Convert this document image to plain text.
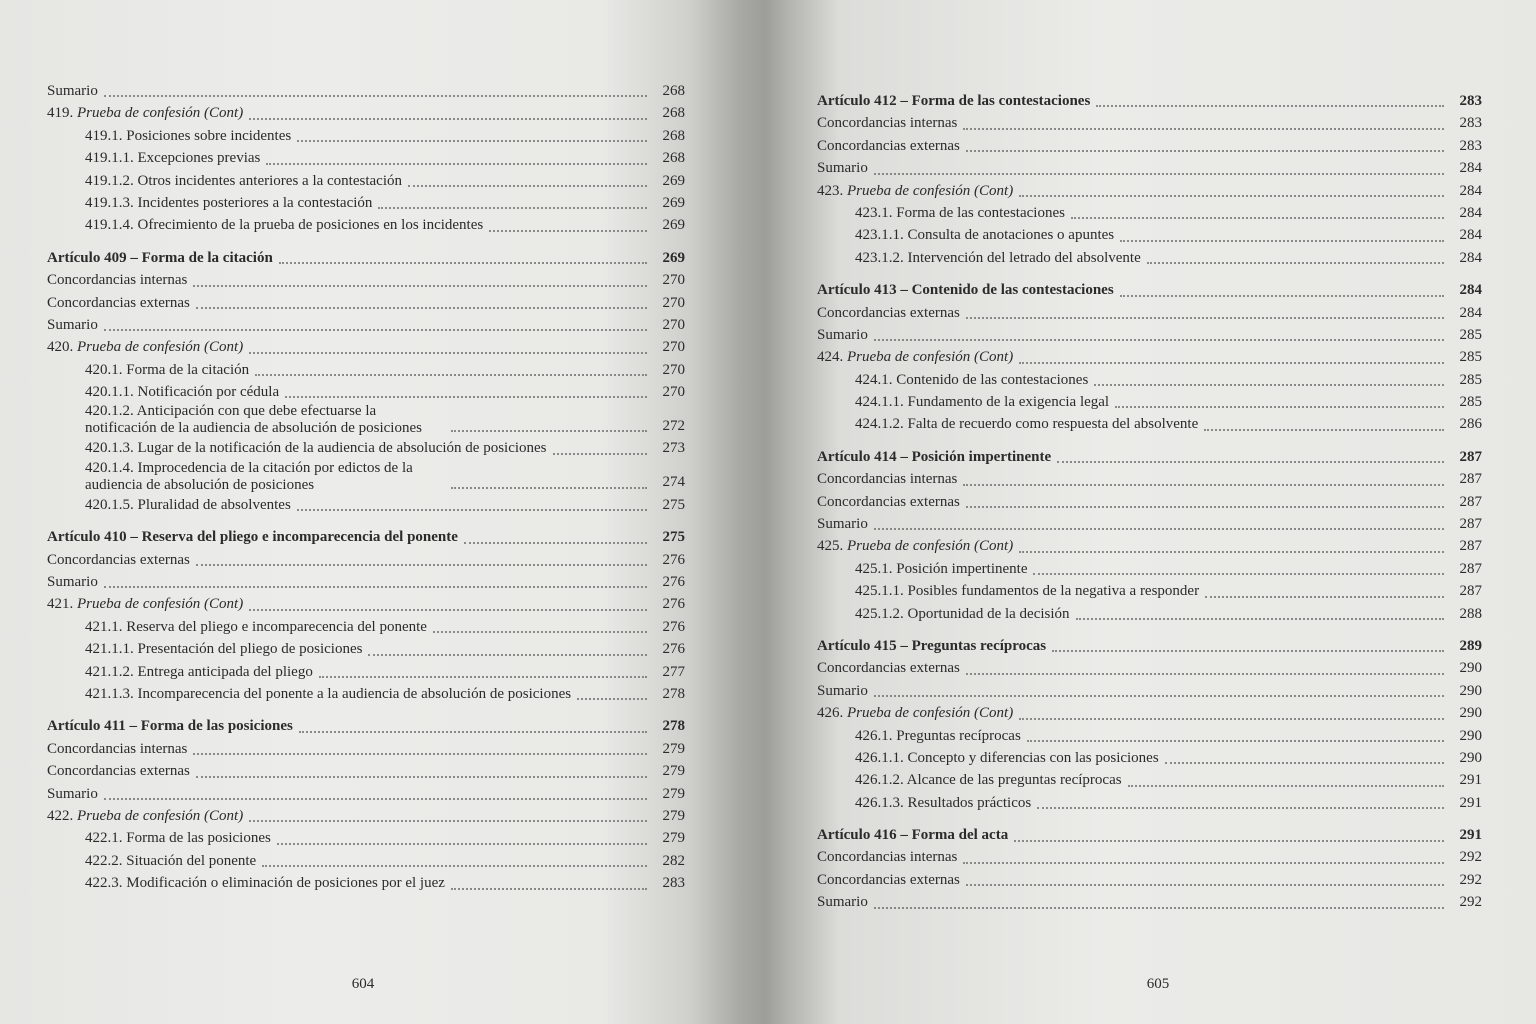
Sumario	268
419. Prueba de confesión (Cont)	268
419.1. Posiciones sobre incidentes	268
419.1.1. Excepciones previas	268
419.1.2. Otros incidentes anteriores a la contestación	269
419.1.3. Incidentes posteriores a la contestación	269
419.1.4. Ofrecimiento de la prueba de posiciones en los incidentes	269
Artículo 409 – Forma de la citación	269
Concordancias internas	270
Concordancias externas	270
Sumario	270
420. Prueba de confesión (Cont)	270
420.1. Forma de la citación	270
420.1.1. Notificación por cédula	270
420.1.2. Anticipación con que debe efectuarse la notificación de la audiencia de absolución de posiciones	272
420.1.3. Lugar de la notificación de la audiencia de absolución de posiciones	273
420.1.4. Improcedencia de la citación por edictos de la audiencia de absolución de posiciones	274
420.1.5. Pluralidad de absolventes	275
Artículo 410 – Reserva del pliego e incomparecencia del ponente	275
Concordancias externas	276
Sumario	276
421. Prueba de confesión (Cont)	276
421.1. Reserva del pliego e incomparecencia del ponente	276
421.1.1. Presentación del pliego de posiciones	276
421.1.2. Entrega anticipada del pliego	277
421.1.3. Incomparecencia del ponente a la audiencia de absolución de posiciones	278
Artículo 411 – Forma de las posiciones	278
Concordancias internas	279
Concordancias externas	279
Sumario	279
422. Prueba de confesión (Cont)	279
422.1. Forma de las posiciones	279
422.2. Situación del ponente	282
422.3. Modificación o eliminación de posiciones por el juez	283
604
Artículo 412 – Forma de las contestaciones	283
Concordancias internas	283
Concordancias externas	283
Sumario	284
423. Prueba de confesión (Cont)	284
423.1. Forma de las contestaciones	284
423.1.1. Consulta de anotaciones o apuntes	284
423.1.2. Intervención del letrado del absolvente	284
Artículo 413 – Contenido de las contestaciones	284
Concordancias externas	284
Sumario	285
424. Prueba de confesión (Cont)	285
424.1. Contenido de las contestaciones	285
424.1.1. Fundamento de la exigencia legal	285
424.1.2. Falta de recuerdo como respuesta del absolvente	286
Artículo 414 – Posición impertinente	287
Concordancias internas	287
Concordancias externas	287
Sumario	287
425. Prueba de confesión (Cont)	287
425.1. Posición impertinente	287
425.1.1. Posibles fundamentos de la negativa a responder	287
425.1.2. Oportunidad de la decisión	288
Artículo 415 – Preguntas recíprocas	289
Concordancias externas	290
Sumario	290
426. Prueba de confesión (Cont)	290
426.1. Preguntas recíprocas	290
426.1.1. Concepto y diferencias con las posiciones	290
426.1.2. Alcance de las preguntas recíprocas	291
426.1.3. Resultados prácticos	291
Artículo 416 – Forma del acta	291
Concordancias internas	292
Concordancias externas	292
Sumario	292
605
